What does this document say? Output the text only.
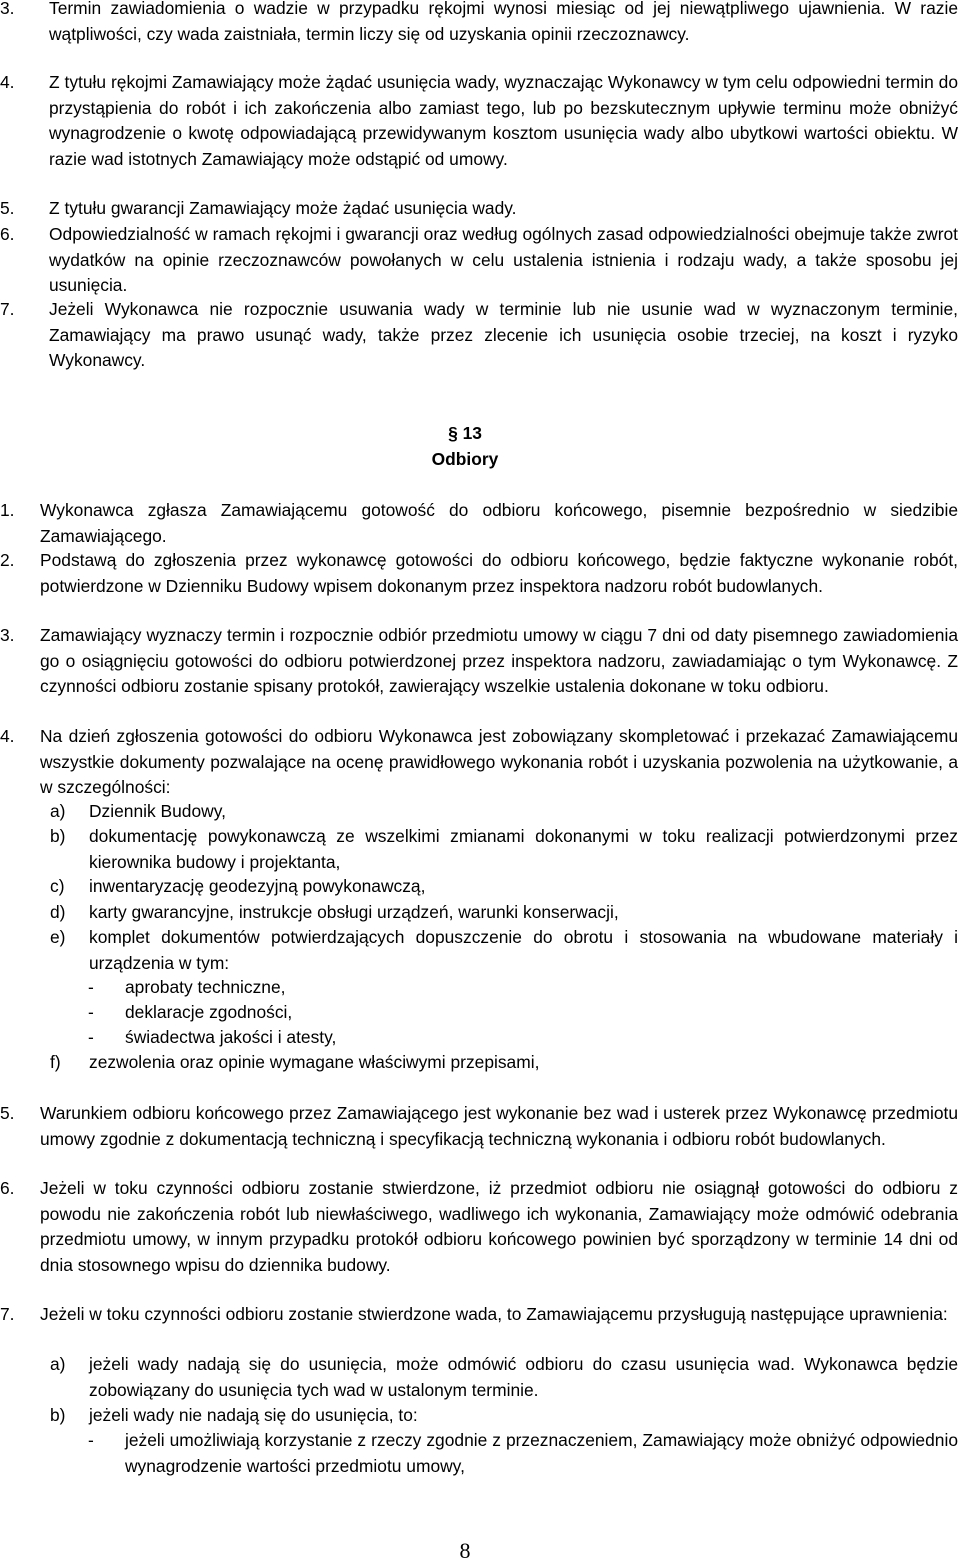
3.	Termin zawiadomienia o wadzie w przypadku rękojmi wynosi miesiąc od jej niewątpliwego ujawnienia. W razie wątpliwości, czy wada zaistniała, termin liczy się od uzyskania opinii rzeczoznawcy.
4.	Z tytułu rękojmi Zamawiający może żądać usunięcia wady, wyznaczając Wykonawcy w tym celu odpowiedni termin do przystąpienia do robót i ich zakończenia albo zamiast tego, lub po bezskutecznym upływie terminu może obniżyć wynagrodzenie o kwotę odpowiadającą przewidywanym kosztom usunięcia wady albo ubytkowi wartości obiektu. W razie wad istotnych Zamawiający może odstąpić od umowy.
5.	Z tytułu gwarancji Zamawiający może żądać usunięcia wady.
6.	Odpowiedzialność w ramach rękojmi i gwarancji oraz według ogólnych zasad odpowiedzialności obejmuje także zwrot wydatków na opinie rzeczoznawców powołanych w celu ustalenia istnienia i rodzaju wady, a także sposobu jej usunięcia.
7.	Jeżeli Wykonawca nie rozpocznie usuwania wady w terminie lub nie usunie wad w wyznaczonym terminie, Zamawiający ma prawo usunąć wady, także przez zlecenie ich usunięcia osobie trzeciej, na koszt i ryzyko Wykonawcy.
§ 13
Odbiory
1.	Wykonawca zgłasza Zamawiającemu gotowość do odbioru końcowego, pisemnie bezpośrednio w siedzibie Zamawiającego.
2.	Podstawą do zgłoszenia przez wykonawcę gotowości do odbioru końcowego, będzie faktyczne wykonanie robót, potwierdzone w Dzienniku Budowy wpisem dokonanym przez inspektora nadzoru robót budowlanych.
3.	Zamawiający wyznaczy termin i rozpocznie odbiór przedmiotu umowy w ciągu 7 dni od daty pisemnego zawiadomienia go o osiągnięciu gotowości do odbioru potwierdzonej przez inspektora nadzoru, zawiadamiając o tym Wykonawcę. Z czynności odbioru zostanie spisany protokół, zawierający wszelkie ustalenia dokonane w toku odbioru.
4.	Na dzień zgłoszenia gotowości do odbioru Wykonawca jest zobowiązany skompletować i przekazać Zamawiającemu wszystkie dokumenty pozwalające na ocenę prawidłowego wykonania robót i uzyskania pozwolenia na użytkowanie, a w szczególności:
a)	Dziennik Budowy,
b)	dokumentację powykonawczą ze wszelkimi zmianami dokonanymi w toku realizacji potwierdzonymi przez kierownika budowy i projektanta,
c)	inwentaryzację geodezyjną powykonawczą,
d)	karty gwarancyjne, instrukcje obsługi urządzeń, warunki konserwacji,
e)	komplet dokumentów potwierdzających dopuszczenie do obrotu i stosowania na wbudowane materiały i urządzenia w tym:
- aprobaty techniczne,
- deklaracje zgodności,
- świadectwa jakości i atesty,
f)	zezwolenia oraz opinie wymagane właściwymi przepisami,
5.	Warunkiem odbioru końcowego przez Zamawiającego jest wykonanie bez wad i usterek przez Wykonawcę przedmiotu umowy zgodnie z dokumentacją techniczną i specyfikacją techniczną wykonania i odbioru robót budowlanych.
6.	Jeżeli w toku czynności odbioru zostanie stwierdzone, iż przedmiot odbioru nie osiągnął gotowości do odbioru z powodu nie zakończenia robót lub niewłaściwego, wadliwego ich wykonania, Zamawiający może odmówić odebrania przedmiotu umowy, w innym przypadku protokół odbioru końcowego powinien być sporządzony w terminie 14 dni od dnia stosownego wpisu do dziennika budowy.
7.	Jeżeli w toku czynności odbioru zostanie stwierdzone wada, to Zamawiającemu przysługują następujące uprawnienia:
a)	jeżeli wady nadają się do usunięcia, może odmówić odbioru do czasu usunięcia wad. Wykonawca będzie zobowiązany do usunięcia tych wad w ustalonym terminie.
b)	jeżeli wady nie nadają się do usunięcia, to:
- jeżeli umożliwiają korzystanie z rzeczy zgodnie z przeznaczeniem, Zamawiający może obniżyć odpowiednio wynagrodzenie wartości przedmiotu umowy,
8
